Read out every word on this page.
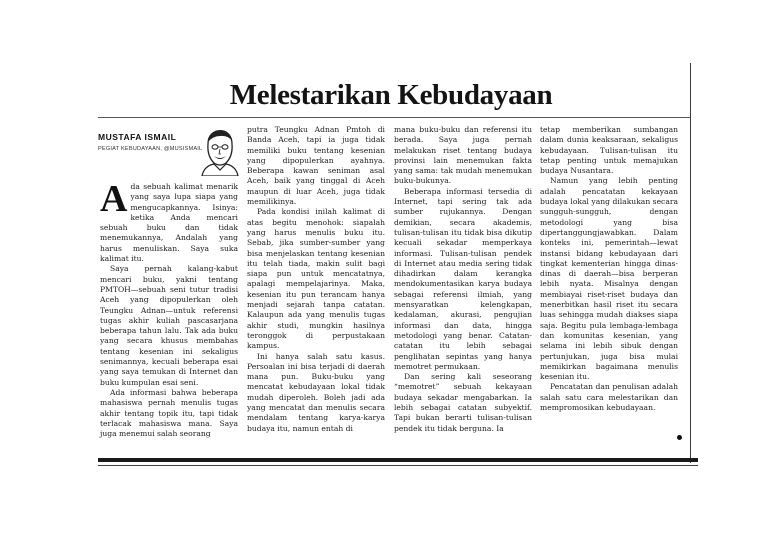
Melestarikan Kebudayaan

MUSTAFA ISMAIL

PEGIAT KEBUDAYAAN, @MUSISMAIL

Ada sebuah kalimat menarik yang saya lupa siapa yang mengucapkannya. Isinya: ketika Anda mencari sebuah buku dan tidak menemukannya, Andalah yang harus menuliskan. Saya suka kalimat itu.

Saya pernah kalang-kabut mencari buku, yakni tentang PMTOH—sebuah seni tutur tradisi Aceh yang dipopulerkan oleh Teungku Adnan—untuk referensi tugas akhir kuliah pascasarjana beberapa tahun lalu. Tak ada buku yang secara khusus membahas tentang kesenian ini sekaligus senimannya, kecuali beberapa esai yang saya temukan di Internet dan buku kumpulan esai seni.

Ada informasi bahwa beberapa mahasiswa pernah menulis tugas akhir tentang topik itu, tapi tidak terlacak mahasiswa mana. Saya juga menemui salah seorang

putra Teungku Adnan Pmtoh di Banda Aceh, tapi ia juga tidak memiliki buku tentang kesenian yang dipopulerkan ayahnya. Beberapa kawan seniman asal Aceh, baik yang tinggal di Aceh maupun di luar Aceh, juga tidak memilikinya.

Pada kondisi inilah kalimat di atas begitu menohok: siapalah yang harus menulis buku itu. Sebab, jika sumber-sumber yang bisa menjelaskan tentang kesenian itu telah tiada, makin sulit bagi siapa pun untuk mencatatnya, apalagi mempelajarinya. Maka, kesenian itu pun terancam hanya menjadi sejarah tanpa catatan. Kalaupun ada yang menulis tugas akhir studi, mungkin hasilnya teronggok di perpustakaan kampus.

Ini hanya salah satu kasus. Persoalan ini bisa terjadi di daerah mana pun. Buku-buku yang mencatat kebudayaan lokal tidak mudah diperoleh. Boleh jadi ada yang mencatat dan menulis secara mendalam tentang karya-karya budaya itu, namun entah di

mana buku-buku dan referensi itu berada. Saya juga pernah melakukan riset tentang budaya provinsi lain menemukan fakta yang sama: tak mudah menemukan buku-bukunya.

Beberapa informasi tersedia di Internet, tapi sering tak ada sumber rujukannya. Dengan demikian, secara akademis, tulisan-tulisan itu tidak bisa dikutip kecuali sekadar memperkaya informasi. Tulisan-tulisan pendek di Internet atau media sering tidak dihadirkan dalam kerangka mendokumentasikan karya budaya sebagai referensi ilmiah, yang mensyaratkan kelengkapan, kedalaman, akurasi, pengujian informasi dan data, hingga metodologi yang benar. Catatan-catatan itu lebih sebagai penglihatan sepintas yang hanya memotret permukaan.

Dan sering kali seseorang “memotret” sebuah kekayaan budaya sekadar mengabarkan. Ia lebih sebagai catatan subyektif. Tapi bukan berarti tulisan-tulisan pendek itu tidak berguna. Ia

tetap memberikan sumbangan dalam dunia keaksaraan, sekaligus kebudayaan. Tulisan-tulisan itu tetap penting untuk memajukan budaya Nusantara.

Namun yang lebih penting adalah pencatatan kekayaan budaya lokal yang dilakukan secara sungguh-sungguh, dengan metodologi yang bisa dipertanggungjawabkan. Dalam konteks ini, pemerintah—lewat instansi bidang kebudayaan dari tingkat kementerian hingga dinas-dinas di daerah—bisa berperan lebih nyata. Misalnya dengan membiayai riset-riset budaya dan menerbitkan hasil riset itu secara luas sehingga mudah diakses siapa saja. Begitu pula lembaga-lembaga dan komunitas kesenian, yang selama ini lebih sibuk dengan pertunjukan, juga bisa mulai memikirkan bagaimana menulis kesenian itu.

Pencatatan dan penulisan adalah salah satu cara melestarikan dan mempromosikan kebudayaan.
